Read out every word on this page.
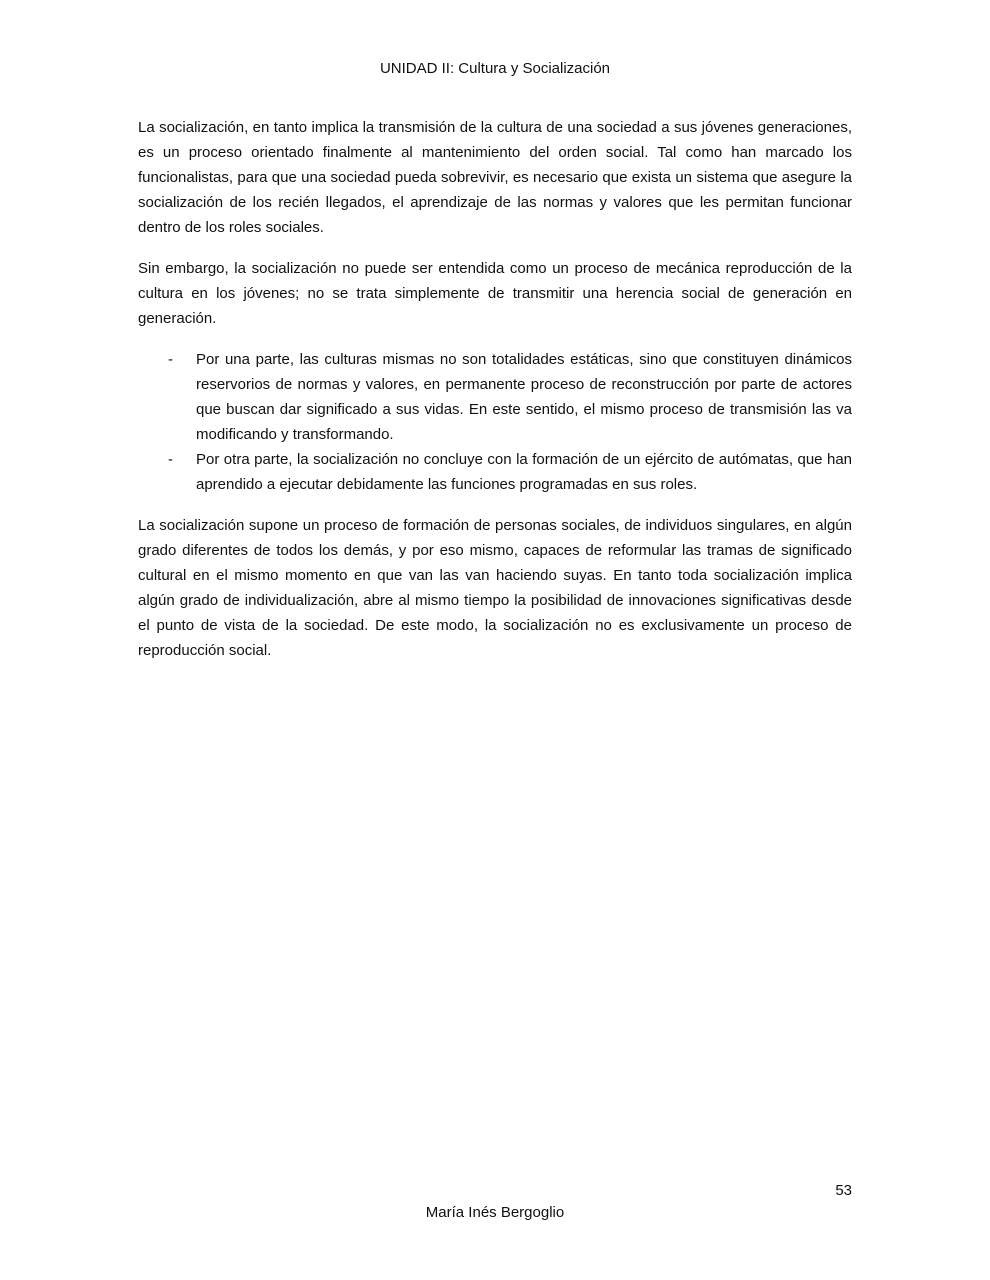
UNIDAD II: Cultura y Socialización

La socialización, en tanto implica la transmisión de la cultura de una sociedad a sus jóvenes generaciones, es un proceso orientado finalmente al mantenimiento del orden social. Tal como han marcado los funcionalistas, para que una sociedad pueda sobrevivir, es necesario que exista un sistema que asegure la socialización de los recién llegados, el aprendizaje de las normas y valores que les permitan funcionar dentro de los roles sociales.

Sin embargo, la socialización no puede ser entendida como un proceso de mecánica reproducción de la cultura en los jóvenes; no se trata simplemente de transmitir una herencia social de generación en generación.

- Por una parte, las culturas mismas no son totalidades estáticas, sino que constituyen dinámicos reservorios de normas y valores, en permanente proceso de reconstrucción por parte de actores que buscan dar significado a sus vidas. En este sentido, el mismo proceso de transmisión las va modificando y transformando.
- Por otra parte, la socialización no concluye con la formación de un ejército de autómatas, que han aprendido a ejecutar debidamente las funciones programadas en sus roles.

La socialización supone un proceso de formación de personas sociales, de individuos singulares, en algún grado diferentes de todos los demás, y por eso mismo, capaces de reformular las tramas de significado cultural en el mismo momento en que van las van haciendo suyas. En tanto toda socialización implica algún grado de individualización, abre al mismo tiempo la posibilidad de innovaciones significativas desde el punto de vista de la sociedad. De este modo, la socialización no es exclusivamente un proceso de reproducción social.

53
María Inés Bergoglio
